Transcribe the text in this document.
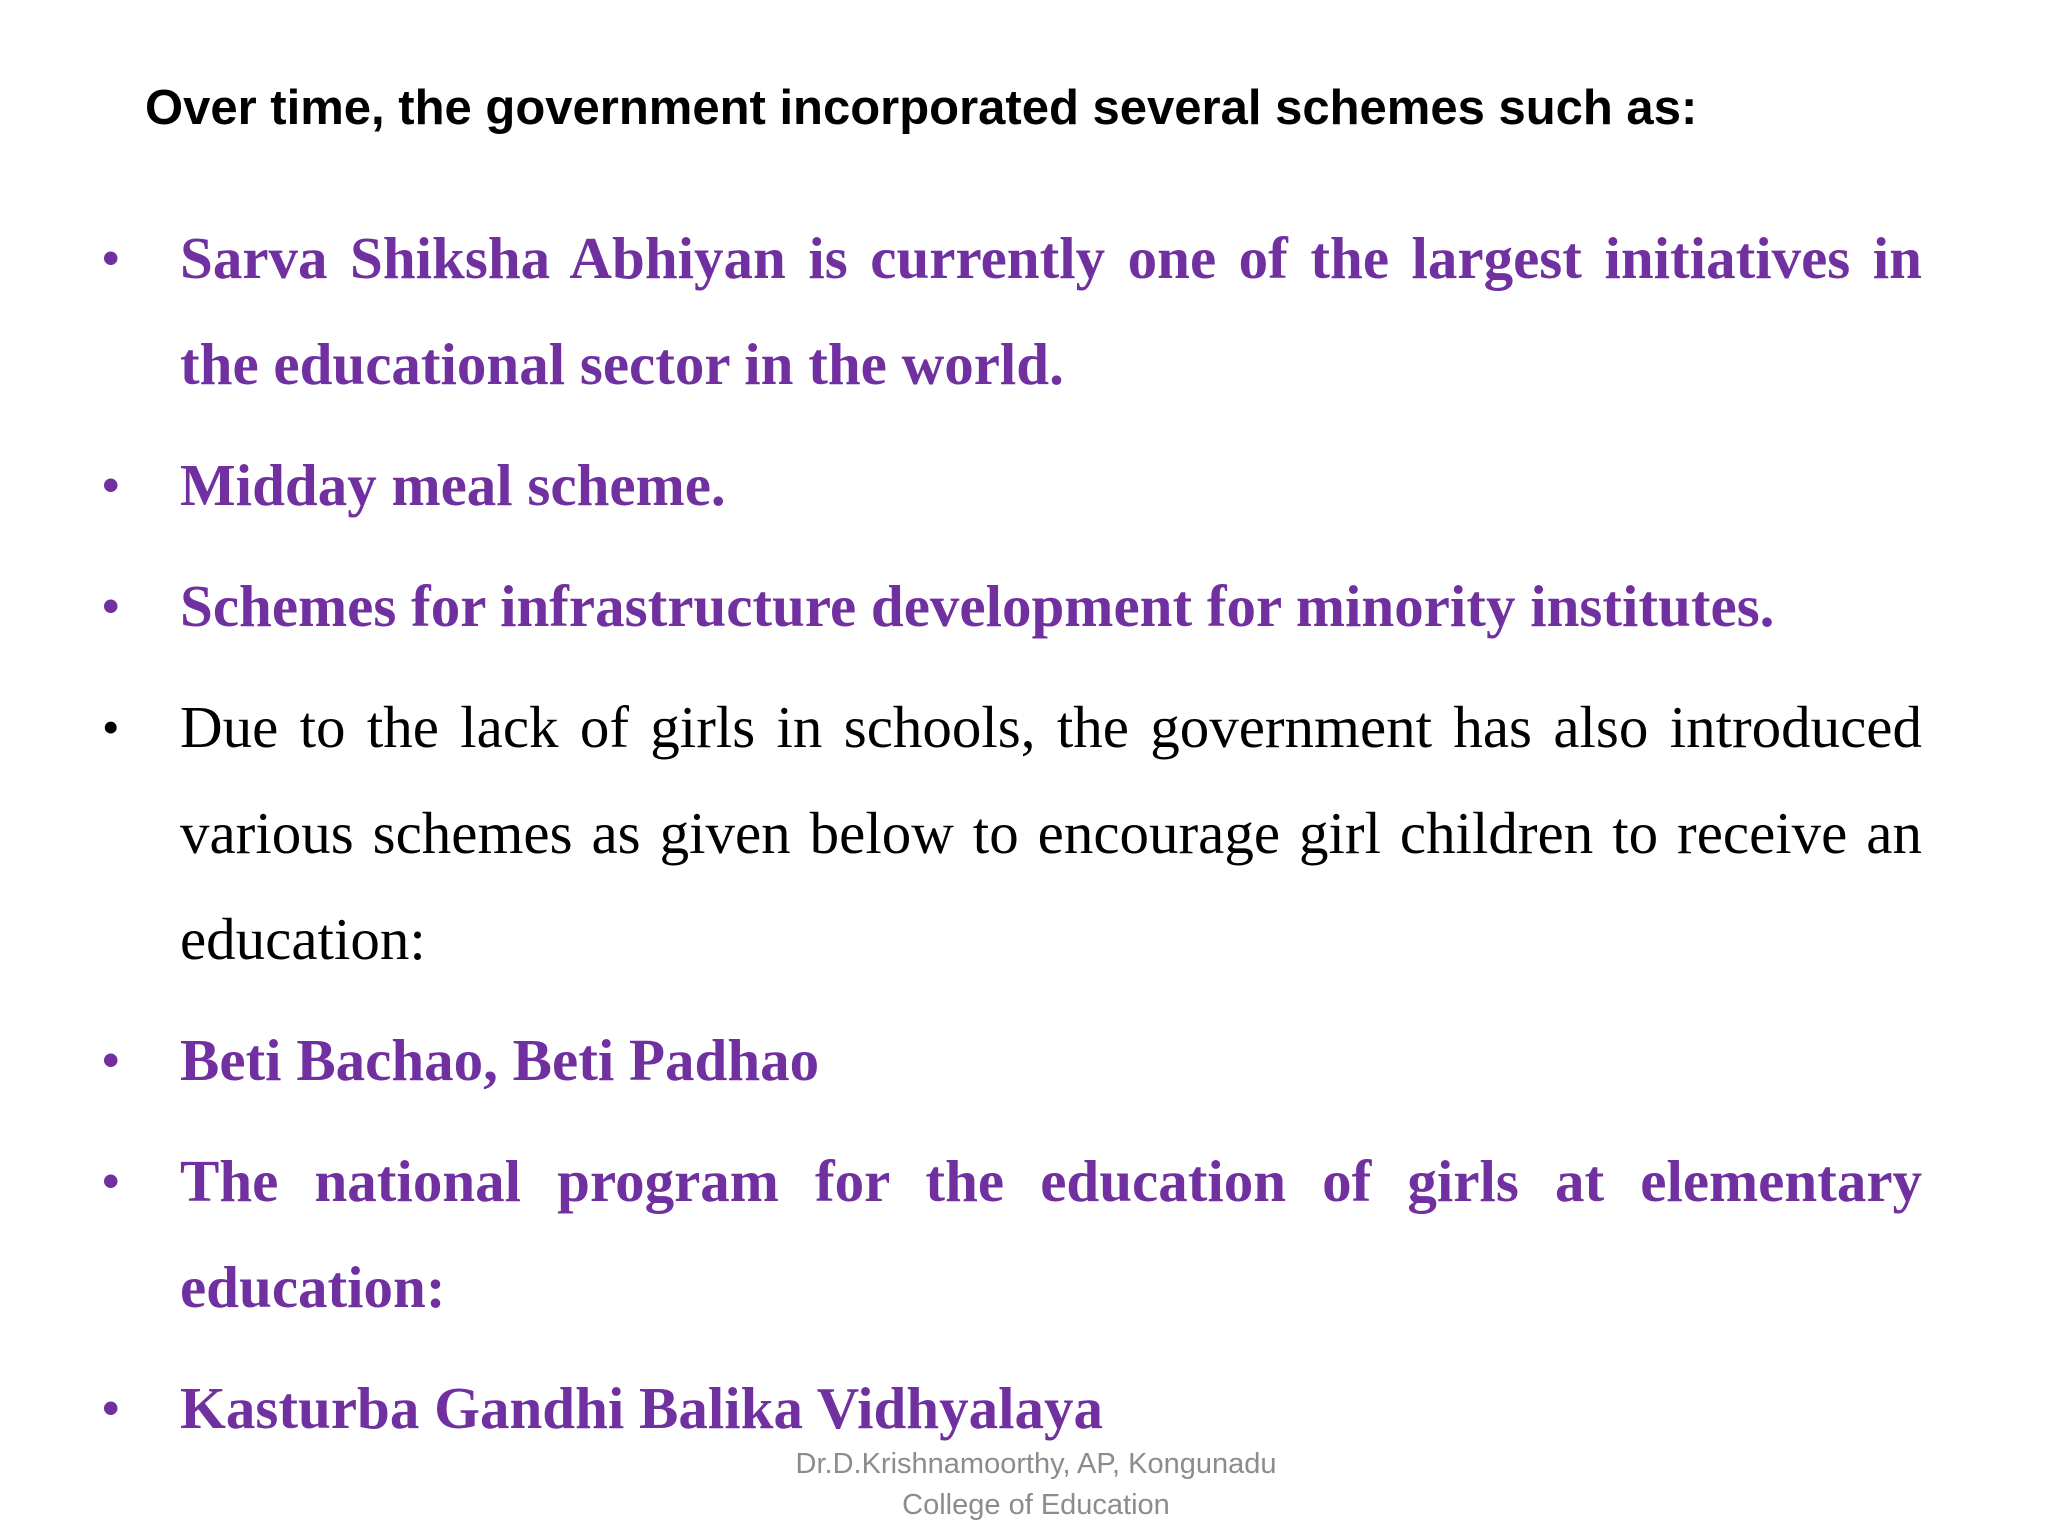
Over time, the government incorporated several schemes such as:
•	Sarva Shiksha Abhiyan is currently one of the largest initiatives in the educational sector in the world.
•	Midday meal scheme.
•	Schemes for infrastructure development for minority institutes.
•	Due to the lack of girls in schools, the government has also introduced various schemes as given below to encourage girl children to receive an education:
•	Beti Bachao, Beti Padhao
•	The national program for the education of girls at elementary education:
•	Kasturba Gandhi Balika Vidhyalaya
Dr.D.Krishnamoorthy, AP, Kongunadu
College of Education
